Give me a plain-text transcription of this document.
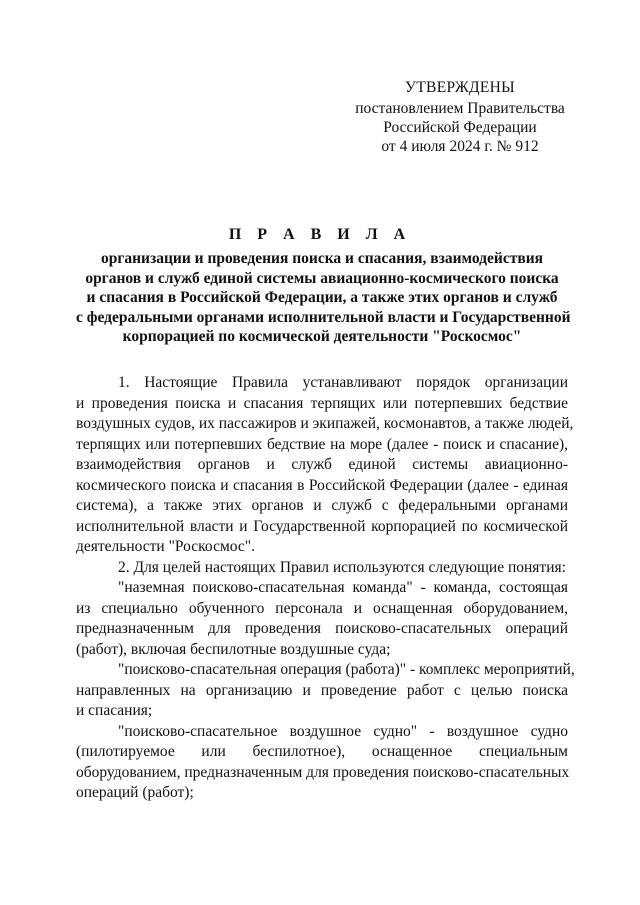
УТВЕРЖДЕНЫ
постановлением Правительства
Российской Федерации
от 4 июля 2024 г. № 912
П Р А В И Л А
организации и проведения поиска и спасания, взаимодействия
органов и служб единой системы авиационно-космического поиска
и спасания в Российской Федерации, а также этих органов и служб
с федеральными органами исполнительной власти и Государственной
корпорацией по космической деятельности "Роскосмос"
1. Настоящие Правила устанавливают порядок организации
и проведения поиска и спасания терпящих или потерпевших бедствие
воздушных судов, их пассажиров и экипажей, космонавтов, а также людей,
терпящих или потерпевших бедствие на море (далее - поиск и спасание),
взаимодействия органов и служб единой системы авиационно-
космического поиска и спасания в Российской Федерации (далее - единая
система), а также этих органов и служб с федеральными органами
исполнительной власти и Государственной корпорацией по космической
деятельности "Роскосмос".
2. Для целей настоящих Правил используются следующие понятия:
"наземная поисково-спасательная команда" - команда, состоящая
из специально обученного персонала и оснащенная оборудованием,
предназначенным для проведения поисково-спасательных операций
(работ), включая беспилотные воздушные суда;
"поисково-спасательная операция (работа)" - комплекс мероприятий,
направленных на организацию и проведение работ с целью поиска
и спасания;
"поисково-спасательное воздушное судно" - воздушное судно
(пилотируемое или беспилотное), оснащенное специальным
оборудованием, предназначенным для проведения поисково-спасательных
операций (работ);
